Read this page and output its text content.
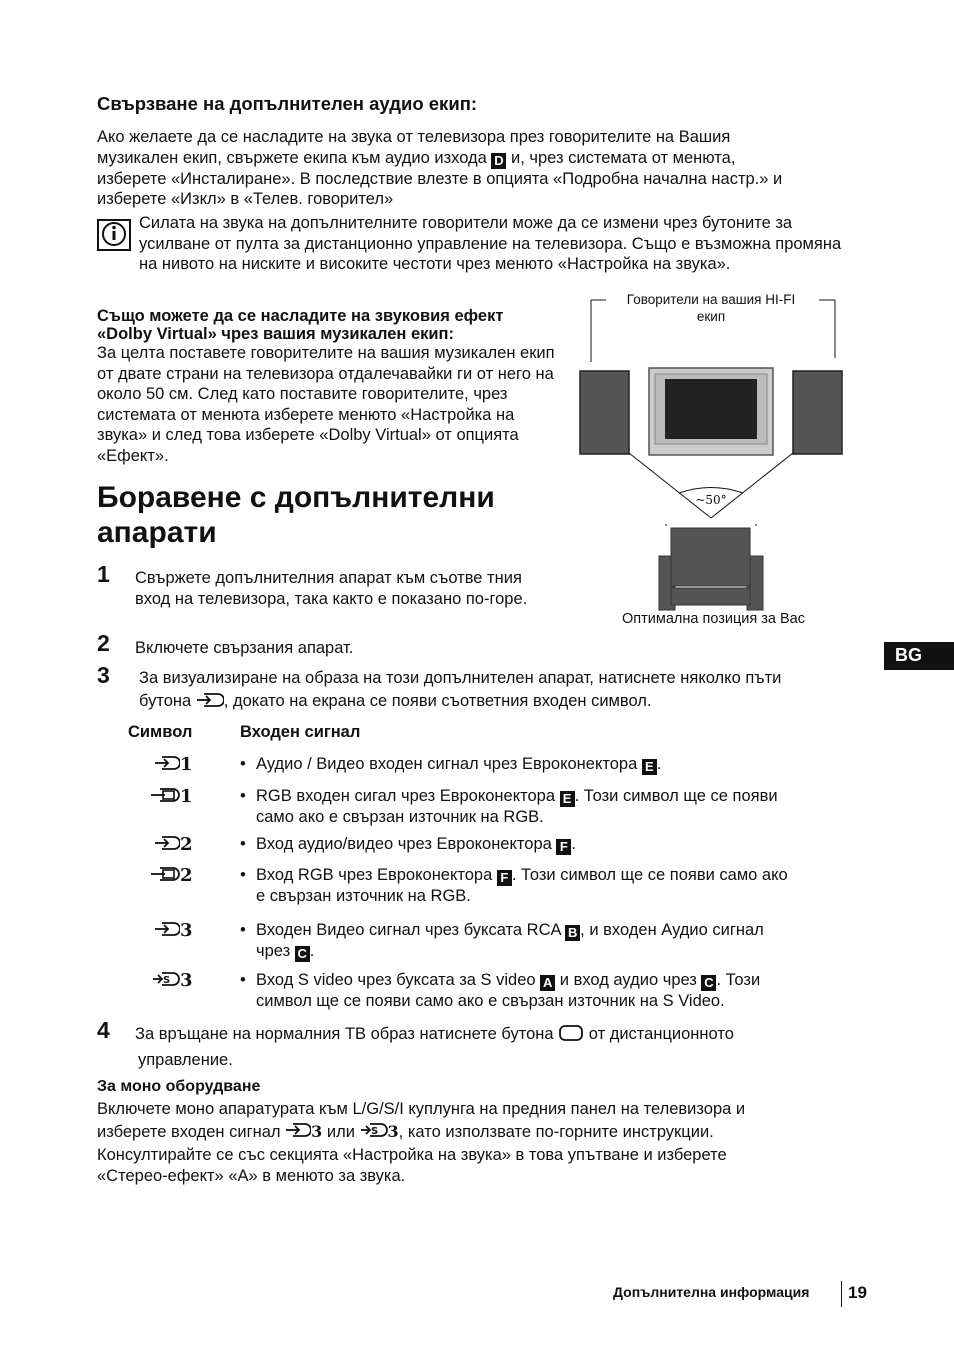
Свързване на допълнителен аудио екип:
Ако желаете да се насладите на звука от телевизора през говорителите на Вашия
музикален екип, свържете екипа към аудио изхода D и, чрез системата от менюта,
изберете «Инсталиране». В последствие влезте в опцията «Подробна начална настр.» и
изберете «Изкл» в «Телев. говорител»
Силата на звука на допълнителните говорители може да се измени чрез бутоните за усилване от пулта за дистанционно управление на телевизора. Също е възможна промяна на нивото на ниските и високите честоти чрез менюто «Настройка на звука».
Също можете да се насладите на звуковия ефект «Dolby Virtual» чрез вашия музикален екип:
За целта поставете говорителите на вашия музикален екип от двате страни на телевизора отдалечавайки ги от него на около 50 см. След като поставите говорителите, чрез системата от менюта изберете менюто «Настройка на звука» и след това изберете «Dolby Virtual» от опцията «Ефект».
Говорители на вашия HI-FI екип
~50°
Оптимална позиция за Вас
Боравене с допълнителни
апарати
1 Свържете допълнителния апарат към съотве тния вход на телевизора, така както е показано по-горе.
2 Включете свързания апарат.
3 За визуализиране на образа на този допълнителен апарат, натиснете няколко пъти
бутона , докато на екрана се появи съответния входен символ.
Символ	Входен сигнал
1	• Аудио / Видео входен сигнал чрез Евроконектора E .
1	• RGB входен сигал чрез Евроконектора E . Този символ ще се появи
само ако е свързан източник на RGB.
2	• Вход аудио/видео чрез Евроконектора F .
2	• Вход RGB чрез Евроконектора F . Този символ ще се появи само ако
е свързан източник на RGB.
3	• Входен Видео сигнал чрез буксата RCA B , и входен Аудио сигнал
чрез C .
S 3	• Вход S video чрез буксата за S video A и вход аудио чрез C . Този
символ ще се появи само ако е свързан източник на S Video.
4 За връщане на нормалния ТВ образ натиснете бутона от дистанционното
управление.
За моно оборудване
Включете моно апаратурата към L/G/S/I куплунга на предния панел на телевизора и
изберете входен сигнал 3 или S 3, като използвате по-горните инструкции.
Консултирайте се със секцията «Настройка на звука» в това упътване и изберете
«Стерео-ефект» «А» в менюто за звука.
BG
Допълнителна информация 19
